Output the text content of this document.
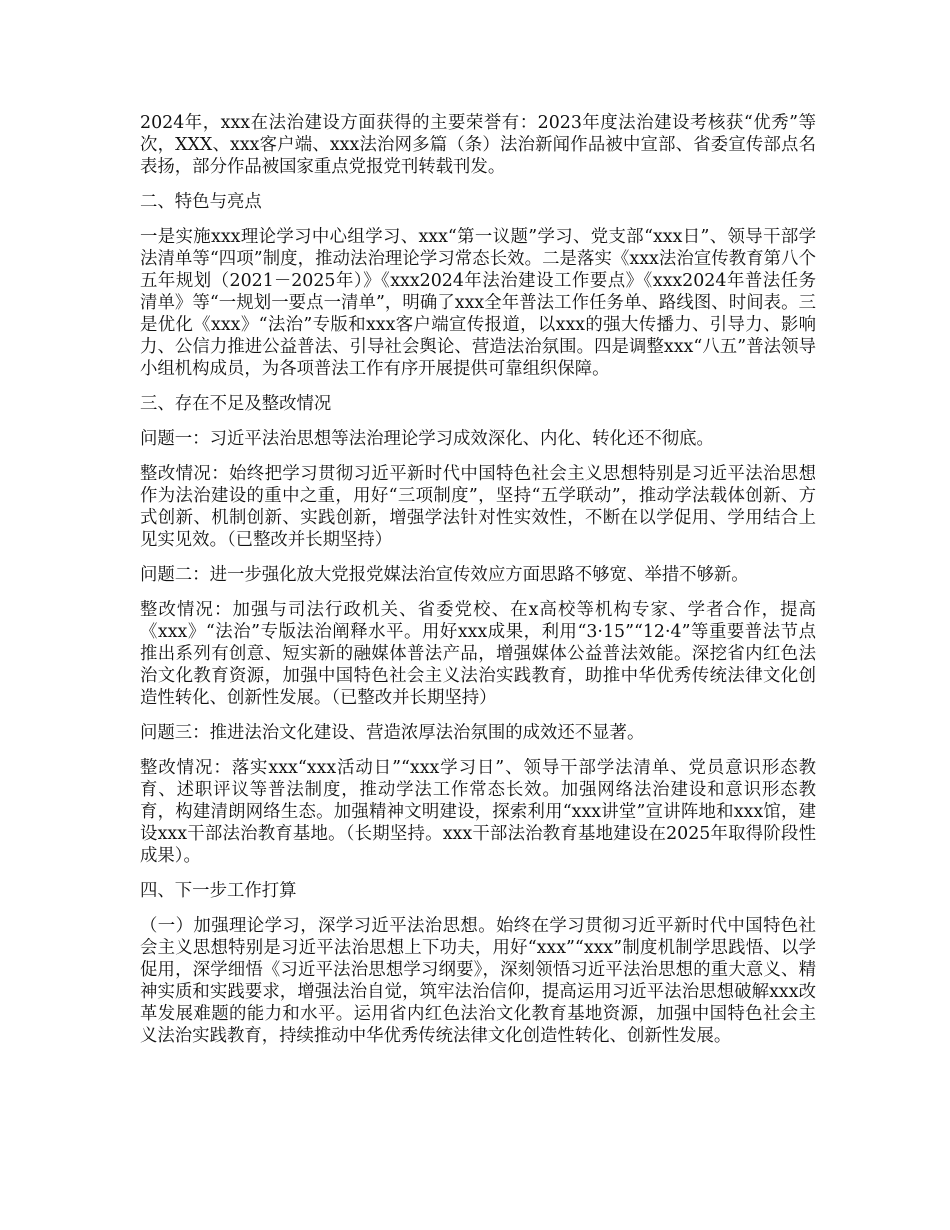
2024年，xxx在法治建设方面获得的主要荣誉有：2023年度法治建设考核获“优秀”等次，XXX、xxx客户端、xxx法治网多篇（条）法治新闻作品被中宣部、省委宣传部点名表扬，部分作品被国家重点党报党刊转载刊发。

二、特色与亮点

一是实施xxx理论学习中心组学习、xxx“第一议题”学习、党支部“xxx日”、领导干部学法清单等“四项”制度，推动法治理论学习常态长效。二是落实《xxx法治宣传教育第八个五年规划（2021－2025年）》《xxx2024年法治建设工作要点》《xxx2024年普法任务清单》等“一规划一要点一清单”，明确了xxx全年普法工作任务单、路线图、时间表。三是优化《xxx》“法治”专版和xxx客户端宣传报道，以xxx的强大传播力、引导力、影响力、公信力推进公益普法、引导社会舆论、营造法治氛围。四是调整xxx“八五”普法领导小组机构成员，为各项普法工作有序开展提供可靠组织保障。

三、存在不足及整改情况

问题一：习近平法治思想等法治理论学习成效深化、内化、转化还不彻底。

整改情况：始终把学习贯彻习近平新时代中国特色社会主义思想特别是习近平法治思想作为法治建设的重中之重，用好“三项制度”，坚持“五学联动”，推动学法载体创新、方式创新、机制创新、实践创新，增强学法针对性实效性，不断在以学促用、学用结合上见实见效。（已整改并长期坚持）

问题二：进一步强化放大党报党媒法治宣传效应方面思路不够宽、举措不够新。

整改情况：加强与司法行政机关、省委党校、在x高校等机构专家、学者合作，提高《xxx》“法治”专版法治阐释水平。用好xxx成果，利用“3·15”“12·4”等重要普法节点推出系列有创意、短实新的融媒体普法产品，增强媒体公益普法效能。深挖省内红色法治文化教育资源，加强中国特色社会主义法治实践教育，助推中华优秀传统法律文化创造性转化、创新性发展。（已整改并长期坚持）

问题三：推进法治文化建设、营造浓厚法治氛围的成效还不显著。

整改情况：落实xxx“xxx活动日”“xxx学习日”、领导干部学法清单、党员意识形态教育、述职评议等普法制度，推动学法工作常态长效。加强网络法治建设和意识形态教育，构建清朗网络生态。加强精神文明建设，探索利用“xxx讲堂”宣讲阵地和xxx馆，建设xxx干部法治教育基地。（长期坚持。xxx干部法治教育基地建设在2025年取得阶段性成果）。

四、下一步工作打算

（一）加强理论学习，深学习近平法治思想。始终在学习贯彻习近平新时代中国特色社会主义思想特别是习近平法治思想上下功夫，用好“xxx”“xxx”制度机制学思践悟、以学促用，深学细悟《习近平法治思想学习纲要》，深刻领悟习近平法治思想的重大意义、精神实质和实践要求，增强法治自觉，筑牢法治信仰，提高运用习近平法治思想破解xxx改革发展难题的能力和水平。运用省内红色法治文化教育基地资源，加强中国特色社会主义法治实践教育，持续推动中华优秀传统法律文化创造性转化、创新性发展。
